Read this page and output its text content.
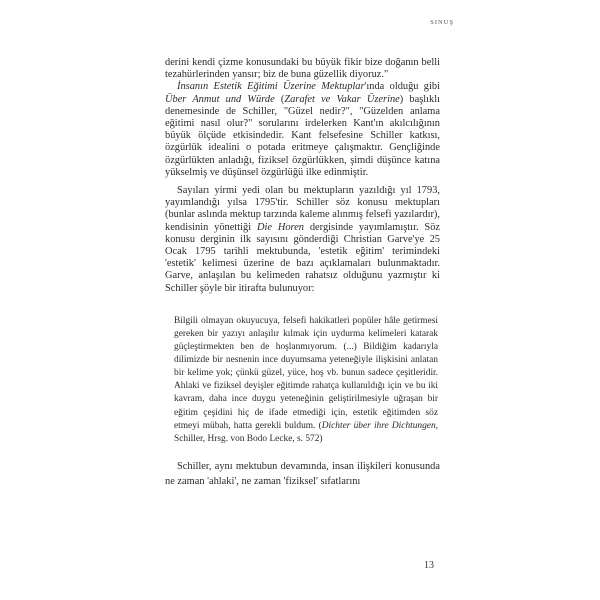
SINUŞ

derini kendi çizme konusundaki bu büyük fikir bize doğanın belli tezahürlerinden yansır; biz de buna güzellik diyoruz."

İnsanın Estetik Eğitimi Üzerine Mektuplar'ında olduğu gibi Über Anmut und Würde (Zarafet ve Vakar Üzerine) başlıklı denemesinde de Schiller, "Güzel nedir?", "Güzelden anlama eğitimi nasıl olur?" sorularını irdelerken Kant'ın akılcılığının büyük ölçüde etkisindedir. Kant felsefesine Schiller katkısı, özgürlük idealini o potada eritmeye çalışmaktır. Gençliğinde özgürlükten anladığı, fiziksel özgürlükken, şimdi düşünce katına yükselmiş ve düşünsel özgürlüğü ilke edinmiştir.

Sayıları yirmi yedi olan bu mektupların yazıldığı yıl 1793, yayımlandığı yılsa 1795'tir. Schiller söz konusu mektupları (bunlar aslında mektup tarzında kaleme alınmış felsefi yazılardır), kendisinin yönettiği Die Horen dergisinde yayımlamıştır. Söz konusu derginin ilk sayısını gönderdiği Christian Garve'ye 25 Ocak 1795 tarihli mektubunda, 'estetik eğitim' terimindeki 'estetik' kelimesi üzerine de bazı açıklamaları bulunmaktadır. Garve, anlaşılan bu kelimeden rahatsız olduğunu yazmıştır ki Schiller şöyle bir itirafta bulunuyor:

Bilgili olmayan okuyucuya, felsefi hakikatleri popüler hâle getirmesi gereken bir yazıyı anlaşılır kılmak için uydurma kelimeleri katarak güçleştirmekten ben de hoşlanmıyorum. (...) Bildiğim kadarıyla dilimizde bir nesnenin ince duyumsama yeteneğiyle ilişkisini anlatan bir kelime yok; çünkü güzel, yüce, hoş vb. bunun sadece çeşitleridir. Ahlaki ve fiziksel deyişler eğitimde rahatça kullanıldığı için ve bu iki kavram, daha ince duygu yeteneğinin geliştirilmesiyle uğraşan bir eğitim çeşidini hiç de ifade etmediği için, estetik eğitimden söz etmeyi mübah, hatta gerekli buldum. (Dichter über ihre Dichtungen, Schiller, Hrsg. von Bodo Lecke, s. 572)

Schiller, aynı mektubun devamında, insan ilişkileri konusunda ne zaman 'ahlaki', ne zaman 'fiziksel' sıfatlarını

13
